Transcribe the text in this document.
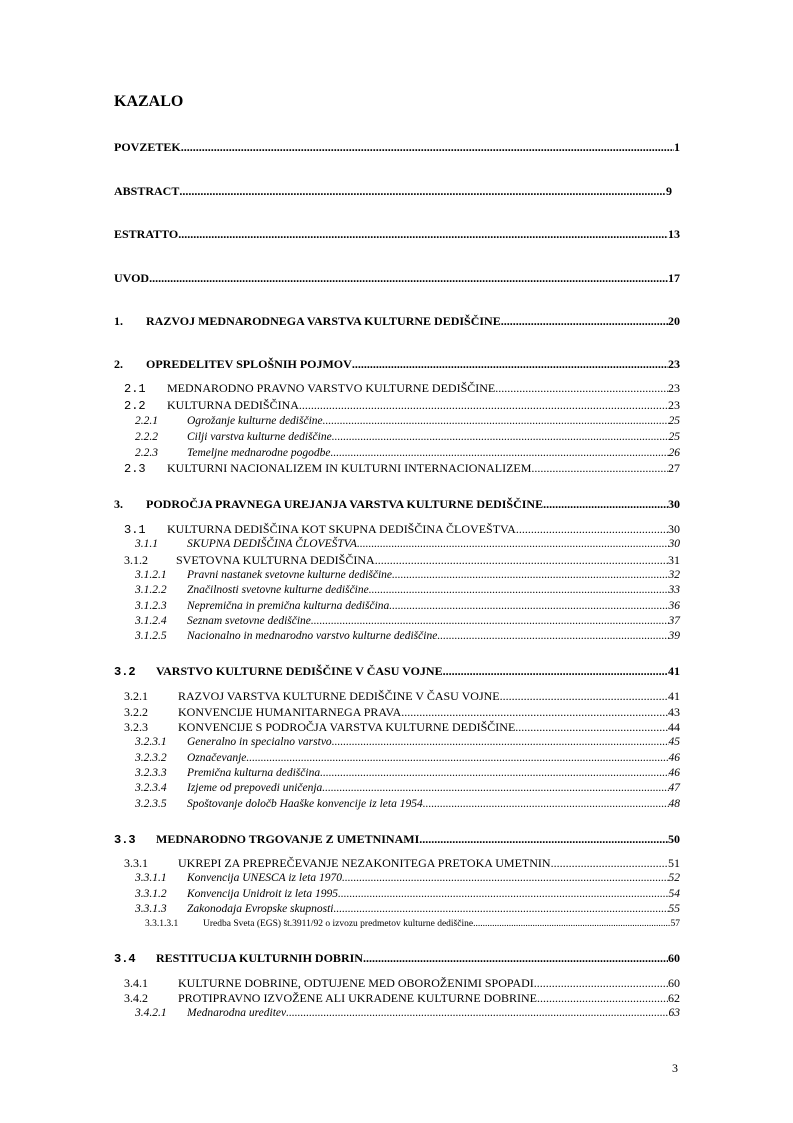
KAZALO
POVZETEK .....	1
ABSTRACT .....	9
ESTRATTO .....	13
UVOD .....	17
1.	RAZVOJ MEDNARODNEGA VARSTVA KULTURNE DEDIŠČINE .....	20
2.	OPREDELITEV SPLOŠNIH POJMOV .....	23
2.1	MEDNARODNO PRAVNO VARSTVO KULTURNE DEDIŠČINE .....	23
2.2	KULTURNA DEDIŠČINA .....	23
2.2.1	Ogrožanje kulturne dediščine .....	25
2.2.2	Cilji varstva kulturne dediščine .....	25
2.2.3	Temeljne mednarodne pogodbe .....	26
2.3	KULTURNI NACIONALIZEM IN KULTURNI INTERNACIONALIZEM .....	27
3.	PODROČJA PRAVNEGA UREJANJA VARSTVA KULTURNE DEDIŠČINE .....	30
3.1	KULTURNA DEDIŠČINA KOT SKUPNA DEDIŠČINA ČLOVEŠTVA .....	30
3.1.1	SKUPNA DEDIŠČINA ČLOVEŠTVA .....	30
3.1.2	SVETOVNA KULTURNA DEDIŠČINA .....	31
3.1.2.1	Pravni nastanek svetovne kulturne dediščine .....	32
3.1.2.2	Značilnosti svetovne kulturne dediščine .....	33
3.1.2.3	Nepremična in premična kulturna dediščina .....	36
3.1.2.4	Seznam svetovne dediščine .....	37
3.1.2.5	Nacionalno in mednarodno varstvo kulturne dediščine .....	39
3.2	VARSTVO KULTURNE DEDIŠČINE V ČASU VOJNE .....	41
3.2.1	RAZVOJ VARSTVA KULTURNE DEDIŠČINE V ČASU VOJNE .....	41
3.2.2	KONVENCIJE HUMANITARNEGA PRAVA .....	43
3.2.3	KONVENCIJE S PODROČJA VARSTVA KULTURNE DEDIŠČINE .....	44
3.2.3.1	Generalno in specialno varstvo .....	45
3.2.3.2	Označevanje .....	46
3.2.3.3	Premična kulturna dediščina .....	46
3.2.3.4	Izjeme od prepovedi uničenja .....	47
3.2.3.5	Spoštovanje določb Haaške konvencije iz leta 1954 .....	48
3.3	MEDNARODNO TRGOVANJE Z UMETNINAMI .....	50
3.3.1	UKREPI ZA PREPREČEVANJE NEZAKONITEGA PRETOKA UMETNIN .....	51
3.3.1.1	Konvencija UNESCA iz leta 1970 .....	52
3.3.1.2	Konvencija Unidroit iz leta 1995 .....	54
3.3.1.3	Zakonodaja Evropske skupnosti .....	55
3.3.1.3.1	Uredba Sveta (EGS) št.3911/92 o izvozu predmetov kulturne dediščine .....	57
3.4	RESTITUCIJA KULTURNIH DOBRIN .....	60
3.4.1	KULTURNE DOBRINE, ODTUJENE MED OBOROŽENIMI SPOPADI .....	60
3.4.2	PROTIPRAVNO IZVOŽENE ALI UKRADENE KULTURNE DOBRINE .....	62
3.4.2.1	Mednarodna ureditev .....	63
3
